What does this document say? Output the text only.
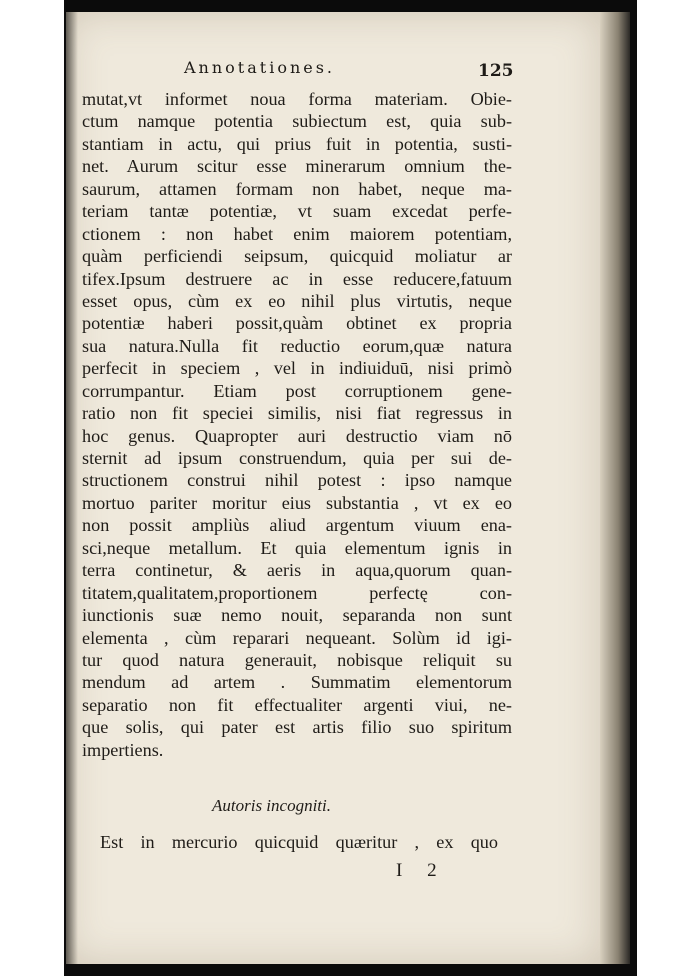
Annotationes.	125
mutat,vt informet noua forma materiam. Obie-
ctum namque potentia subiectum est, quia sub-
stantiam in actu, qui prius fuit in potentia, susti-
net. Aurum scitur esse minerarum omnium the-
saurum, attamen formam non habet, neque ma-
teriam tantæ potentiæ, vt suam excedat perfe-
ctionem : non habet enim maiorem potentiam,
quàm perficiendi seipsum, quicquid moliatur ar
tifex.Ipsum destruere ac in esse reducere,fatuum
esset opus, cùm ex eo nihil plus virtutis, neque
potentiæ haberi possit,quàm obtinet ex propria
sua natura.Nulla fit reductio eorum,quæ natura
perfecit in speciem , vel in indiuiduū, nisi primò
corrumpantur. Etiam post corruptionem gene-
ratio non fit speciei similis, nisi fiat regressus in
hoc genus. Quapropter auri destructio viam nō
sternit ad ipsum construendum, quia per sui de-
structionem construi nihil potest : ipso namque
mortuo pariter moritur eius substantia , vt ex eo
non possit ampliùs aliud argentum viuum ena-
sci,neque metallum. Et quia elementum ignis in
terra continetur, & aeris in aqua,quorum quan-
titatem,qualitatem,proportionem perfectę con-
iunctionis suæ nemo nouit, separanda non sunt
elementa , cùm reparari nequeant. Solùm id igi-
tur quod natura generauit, nobisque reliquit su
mendum ad artem . Summatim elementorum
separatio non fit effectualiter argenti viui, ne-
que solis, qui pater est artis filio suo spiritum
impertiens.
Autoris incogniti.
Est in mercurio quicquid quæritur , ex quo
I 2
